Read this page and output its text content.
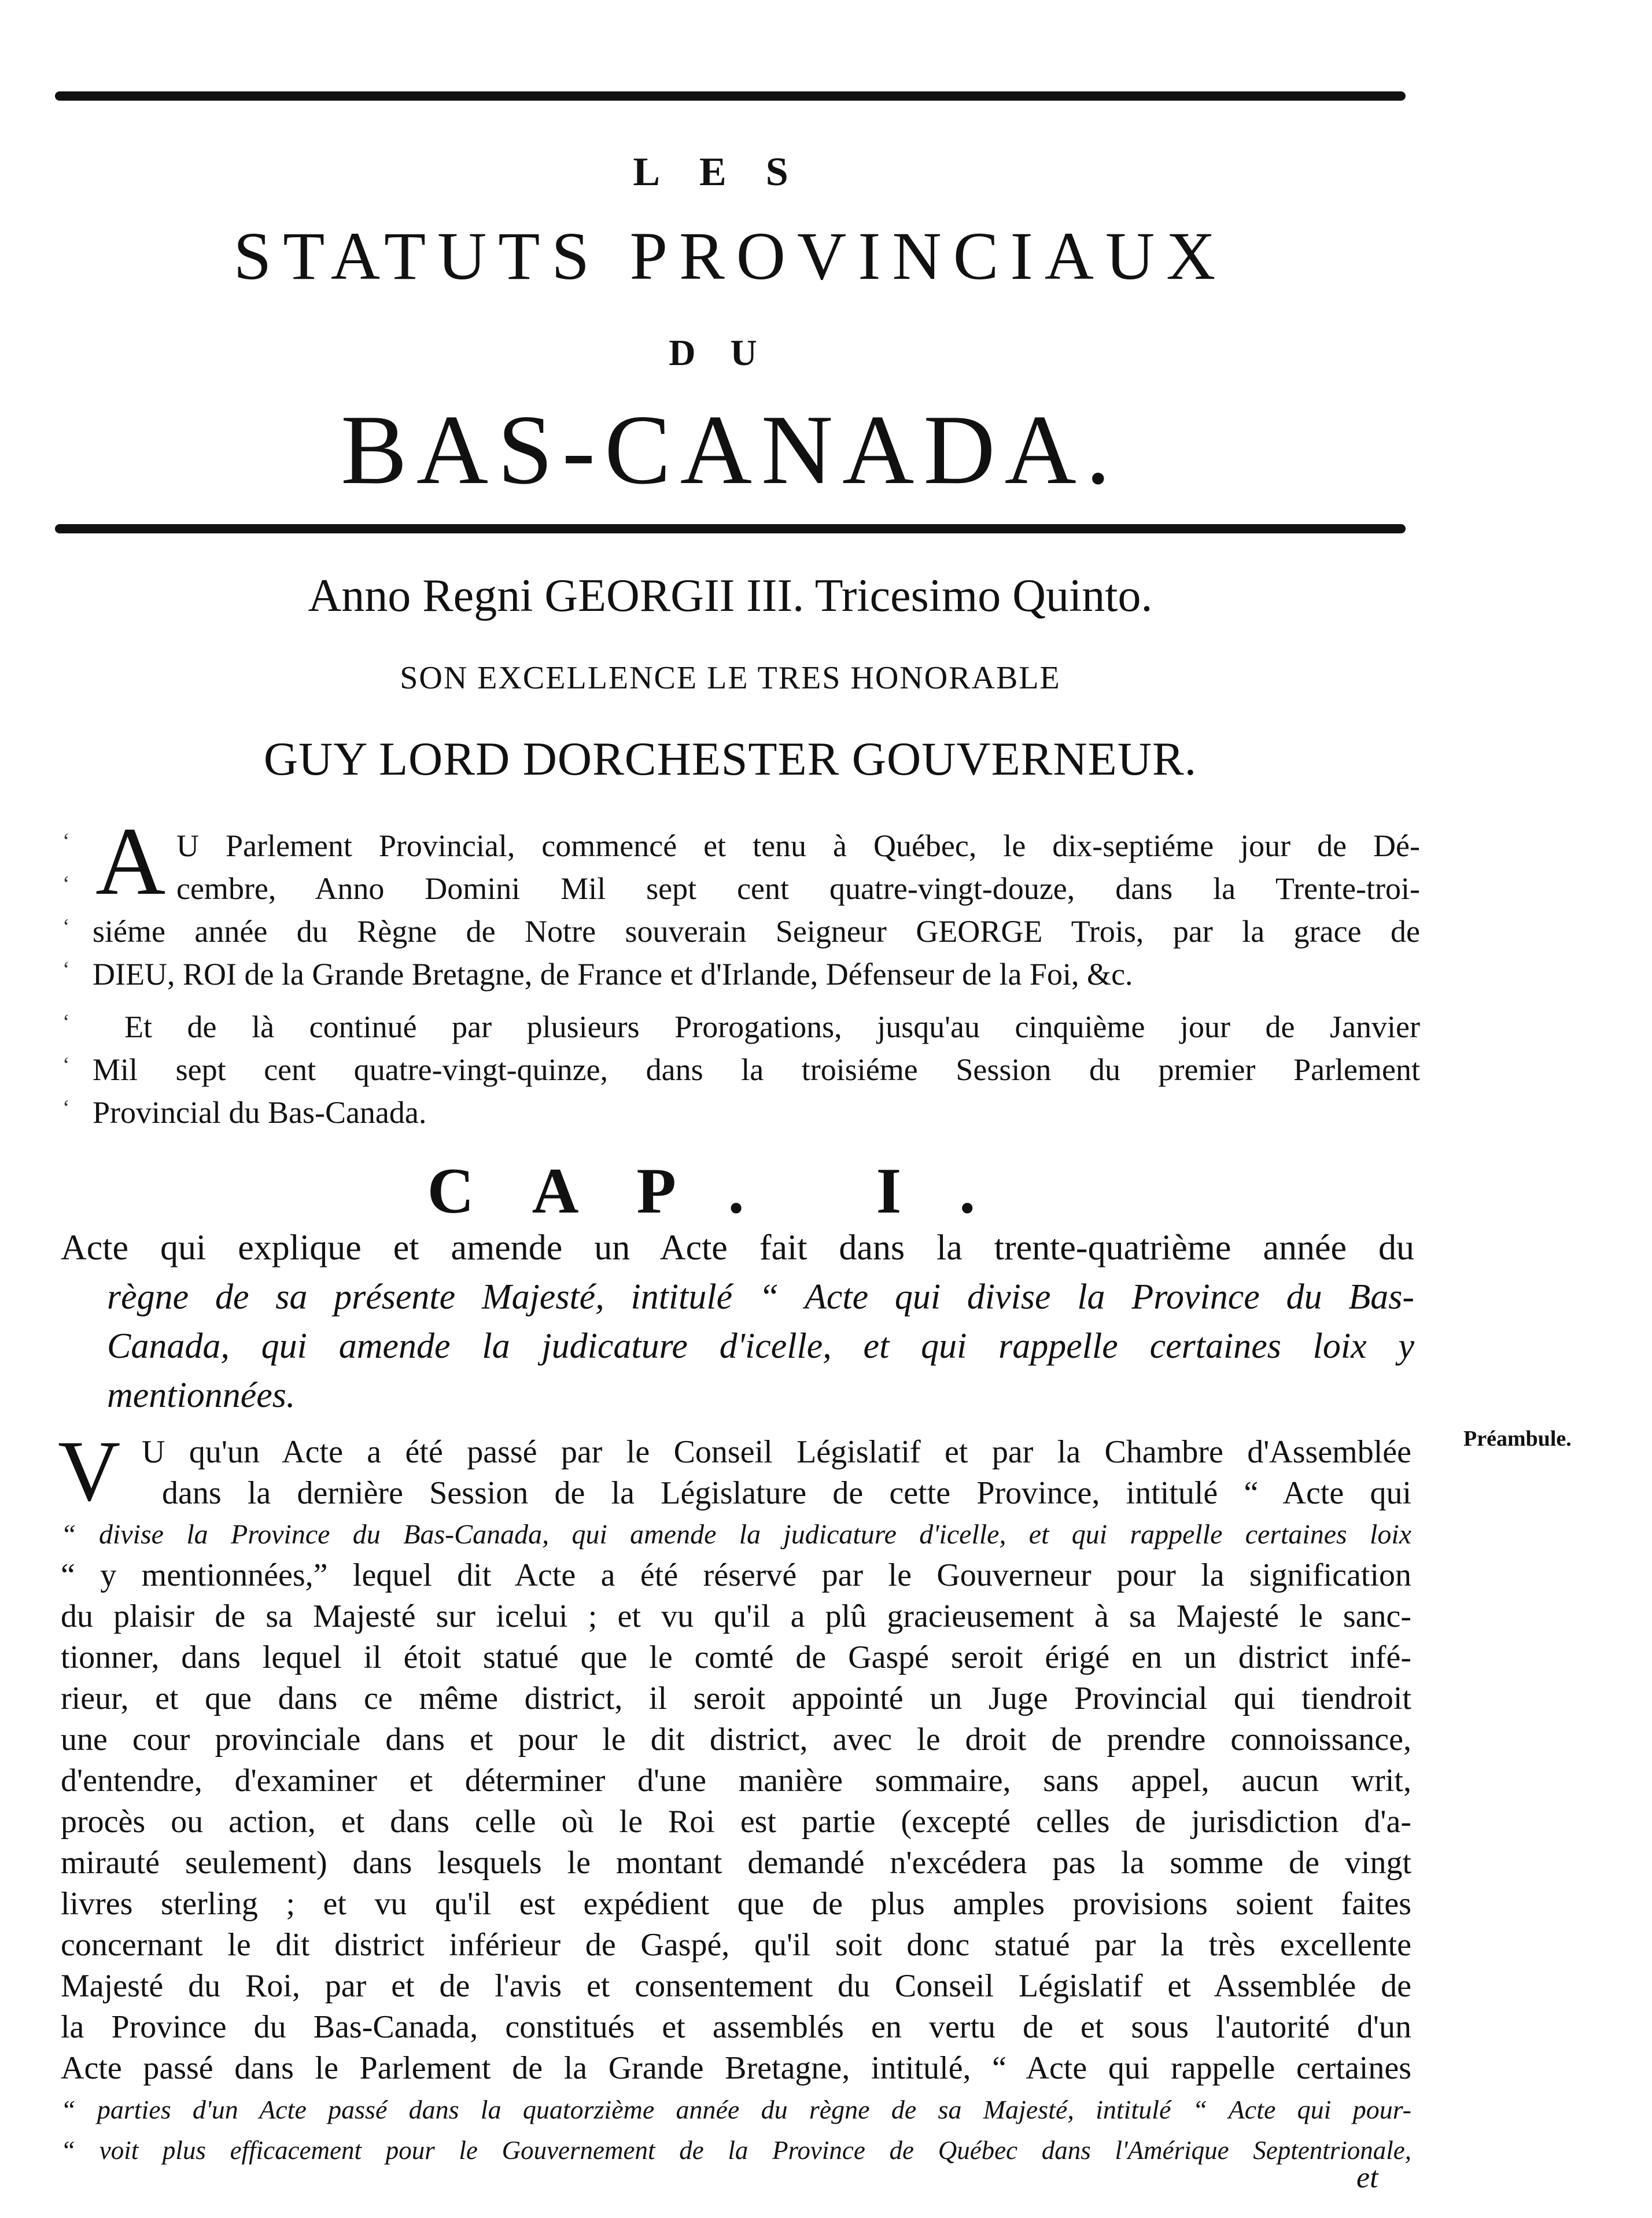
LES
STATUTS PROVINCIAUX
DU
BAS-CANADA.
Anno Regni GEORGII III. Tricesimo Quinto.
SON EXCELLENCE LE TRES HONORABLE
GUY LORD DORCHESTER GOUVERNEUR.
A
‘
‘
‘
‘
U Parlement Provincial, commencé et tenu à Québec, le dix-septiéme jour de Dé-
cembre, Anno Domini Mil sept cent quatre-vingt-douze, dans la Trente-troi-
siéme année du Règne de Notre souverain Seigneur GEORGE Trois, par la grace de
DIEU, ROI de la Grande Bretagne, de France et d'Irlande, Défenseur de la Foi, &c.
‘
‘
‘
Et de là continué par plusieurs Prorogations, jusqu'au cinquième jour de Janvier
Mil sept cent quatre-vingt-quinze, dans la troisiéme Session du premier Parlement
Provincial du Bas-Canada.
CAP. I.
Acte qui explique et amende un Acte fait dans la trente-quatrième année du
règne de sa présente Majesté, intitulé “ Acte qui divise la Province du Bas-
Canada, qui amende la judicature d'icelle, et qui rappelle certaines loix y
mentionnées.
Préambule.
V U qu'un Acte a été passé par le Conseil Législatif et par la Chambre d'Assemblée
dans la dernière Session de la Législature de cette Province, intitulé “ Acte qui
“ divise la Province du Bas-Canada, qui amende la judicature d'icelle, et qui rappelle certaines loix
“ y mentionnées,” lequel dit Acte a été réservé par le Gouverneur pour la signification
du plaisir de sa Majesté sur icelui ; et vu qu'il a plû gracieusement à sa Majesté le sanc-
tionner, dans lequel il étoit statué que le comté de Gaspé seroit érigé en un district infé-
rieur, et que dans ce même district, il seroit appointé un Juge Provincial qui tiendroit
une cour provinciale dans et pour le dit district, avec le droit de prendre connoissance,
d'entendre, d'examiner et déterminer d'une manière sommaire, sans appel, aucun writ,
procès ou action, et dans celle où le Roi est partie (excepté celles de jurisdiction d'a-
mirauté seulement) dans lesquels le montant demandé n'excédera pas la somme de vingt
livres sterling ; et vu qu'il est expédient que de plus amples provisions soient faites
concernant le dit district inférieur de Gaspé, qu'il soit donc statué par la très excellente
Majesté du Roi, par et de l'avis et consentement du Conseil Législatif et Assemblée de
la Province du Bas-Canada, constitués et assemblés en vertu de et sous l'autorité d'un
Acte passé dans le Parlement de la Grande Bretagne, intitulé, “ Acte qui rappelle certaines
“ parties d'un Acte passé dans la quatorzième année du règne de sa Majesté, intitulé “ Acte qui pour-
“ voit plus efficacement pour le Gouvernement de la Province de Québec dans l'Amérique Septentrionale,
et
